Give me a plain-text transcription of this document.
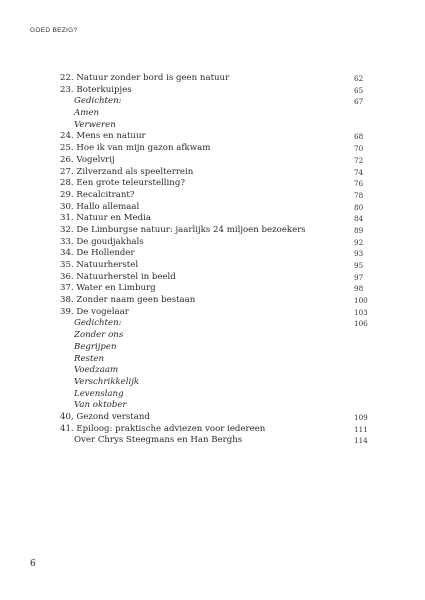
GOED BEZIG?
22. Natuur zonder bord is geen natuur	62
23. Boterkuipjes	65
Gedichten:	67
Amen
Verweren
24. Mens en natuur	68
25. Hoe ik van mijn gazon afkwam	70
26. Vogelvrij	72
27. Zilverzand als speelterrein	74
28. Een grote teleurstelling?	76
29. Recalcitrant?	78
30. Hallo allemaal	80
31. Natuur en Media	84
32. De Limburgse natuur: jaarlijks 24 miljoen bezoekers	89
33. De goudjakhals	92
34. De Hollender	93
35. Natuurherstel	95
36. Natuurherstel in beeld	97
37. Water en Limburg	98
38. Zonder naam geen bestaan	100
39. De vogelaar	103
Gedichten:	106
Zonder ons
Begrijpen
Resten
Voedzaam
Verschrikkelijk
Levenslang
Van oktober
40, Gezond verstand	109
41. Epiloog: praktische adviezen voor iedereen	111
Over Chrys Steegmans en Han Berghs	114
6
